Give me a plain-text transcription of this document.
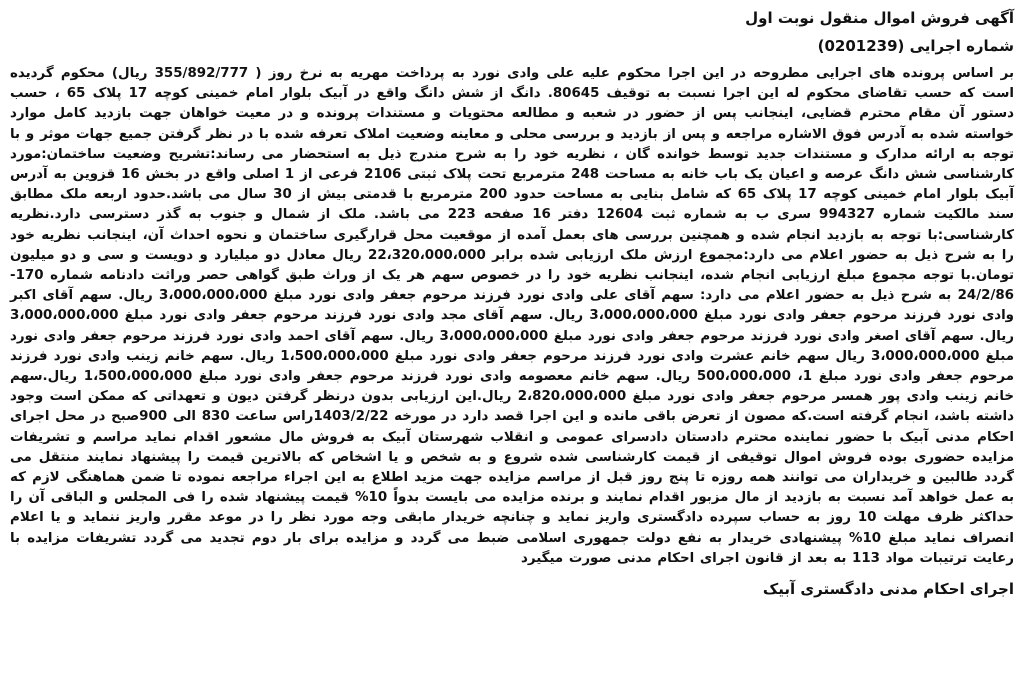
آگهی فروش اموال منقول نوبت اول
شماره اجرایی (0201239)

بر اساس پرونده های اجرایی مطروحه در این اجرا محکوم علیه علی وادی نورد به پرداخت مهریه به نرخ روز ( 355/892/777 ریال) محکوم گردیده است که حسب تقاضای محکوم له این اجرا نسبت به توقیف 80645. دانگ از شش دانگ واقع در آبیک بلوار امام خمینی کوچه 17 پلاک 65 ، حسب دستور آن مقام محترم قضایی، اینجانب پس از حضور در شعبه و مطالعه محتویات و مستندات پرونده و در معیت خواهان جهت بازدید کامل موارد خواسته شده به آدرس فوق الاشاره مراجعه و پس از بازدید و بررسی محلی و معاینه وضعیت املاک تعرفه شده با در نظر گرفتن جمیع جهات موثر و با توجه به ارائه مدارک و مستندات جدید توسط خوانده گان ، نظریه خود را به شرح مندرج ذیل به استحضار می رساند:تشریح وضعیت ساختمان:مورد کارشناسی شش دانگ عرصه و اعیان یک باب خانه به مساحت 248 مترمربع تحت پلاک ثبتی 2106 فرعی از 1 اصلی واقع در بخش 16 قزوین به آدرس آبیک بلوار امام خمینی کوچه 17 پلاک 65 که شامل بنایی به مساحت حدود 200 مترمربع با قدمتی بیش از 30 سال می باشد.حدود اربعه ملک مطابق سند مالکیت شماره 994327 سری ب به شماره ثبت 12604 دفتر 16 صفحه 223 می باشد. ملک از شمال و جنوب به گذر دسترسی دارد.نظریه کارشناسی:با توجه به بازدید انجام شده و همچنین بررسی های بعمل آمده از موقعیت محل قرارگیری ساختمان و نحوه احداث آن، اینجانب نظریه خود را به شرح ذیل به حضور اعلام می دارد:مجموع ارزش ملک ارزیابی شده برابر 22،320،000،000 ریال معادل دو میلیارد و دویست و سی و دو میلیون تومان.با توجه مجموع مبلغ ارزیابی انجام شده، اینجانب نظریه خود را در خصوص سهم هر یک از وراث طبق گواهی حصر وراثت دادنامه شماره 170-24/2/86 به شرح ذیل به حضور اعلام می دارد: سهم آقای علی وادی نورد فرزند مرحوم جعفر وادی نورد مبلغ 3،000،000،000 ریال. سهم آقای اکبر وادی نورد فرزند مرحوم جعفر وادی نورد مبلغ 3،000،000،000 ریال. سهم آقای مجد وادی نورد فرزند مرحوم جعفر وادی نورد مبلغ 3،000،000،000 ریال. سهم آقای اصغر وادی نورد فرزند مرحوم جعفر وادی نورد مبلغ 3،000،000،000 ریال. سهم آقای احمد وادی نورد فرزند مرحوم جعفر وادی نورد مبلغ 3،000،000،000 ریال سهم خانم عشرت وادی نورد فرزند مرحوم جعفر وادی نورد مبلغ 1،500،000،000 ریال. سهم خانم زینب وادی نورد فرزند مرحوم جعفر وادی نورد مبلغ 1، 500،000،000 ریال. سهم خانم معصومه وادی نورد فرزند مرحوم جعفر وادی نورد مبلغ 1،500،000،000 ریال.سهم خانم زینب وادی پور همسر مرحوم جعفر وادی نورد مبلغ 2،820،000،000 ریال.این ارزیابی بدون درنظر گرفتن دیون و تعهداتی که ممکن است وجود داشته باشد، انجام گرفته است.که مصون از تعرض باقی مانده و این اجرا قصد دارد در مورخه 1403/2/22راس ساعت 830 الی 900صبح در محل اجرای احکام مدنی آبیک با حضور نماینده محترم دادستان دادسرای عمومی و انقلاب شهرستان آبیک به فروش مال مشعور اقدام نماید مراسم و تشریفات مزایده حضوری بوده فروش اموال توقیفی از قیمت کارشناسی شده شروع و به شخص و یا اشخاص که بالاترین قیمت را پیشنهاد نمایند منتقل می گردد طالبین و خریداران می توانند همه روزه تا پنج روز قبل از مراسم مزایده جهت مزید اطلاع به این اجراء مراجعه نموده تا ضمن هماهنگی لازم که به عمل خواهد آمد نسبت به بازدید از مال مزبور اقدام نمایند و برنده مزایده می بایست بدواً 10% قیمت پیشنهاد شده را فی المجلس و الباقی آن را حداکثر ظرف مهلت 10 روز به حساب سپرده دادگستری واریز نماید و چنانچه خریدار مابقی وجه مورد نظر را در موعد مقرر واریز ننماید و یا اعلام انصراف نماید مبلغ 10% پیشنهادی خریدار به نفع دولت جمهوری اسلامی ضبط می گردد و مزایده برای بار دوم تجدید می گردد تشریفات مزایده با رعایت ترتیبات مواد 113 به بعد از قانون اجرای احکام مدنی صورت میگیرد

اجرای احکام مدنی دادگستری آبیک
